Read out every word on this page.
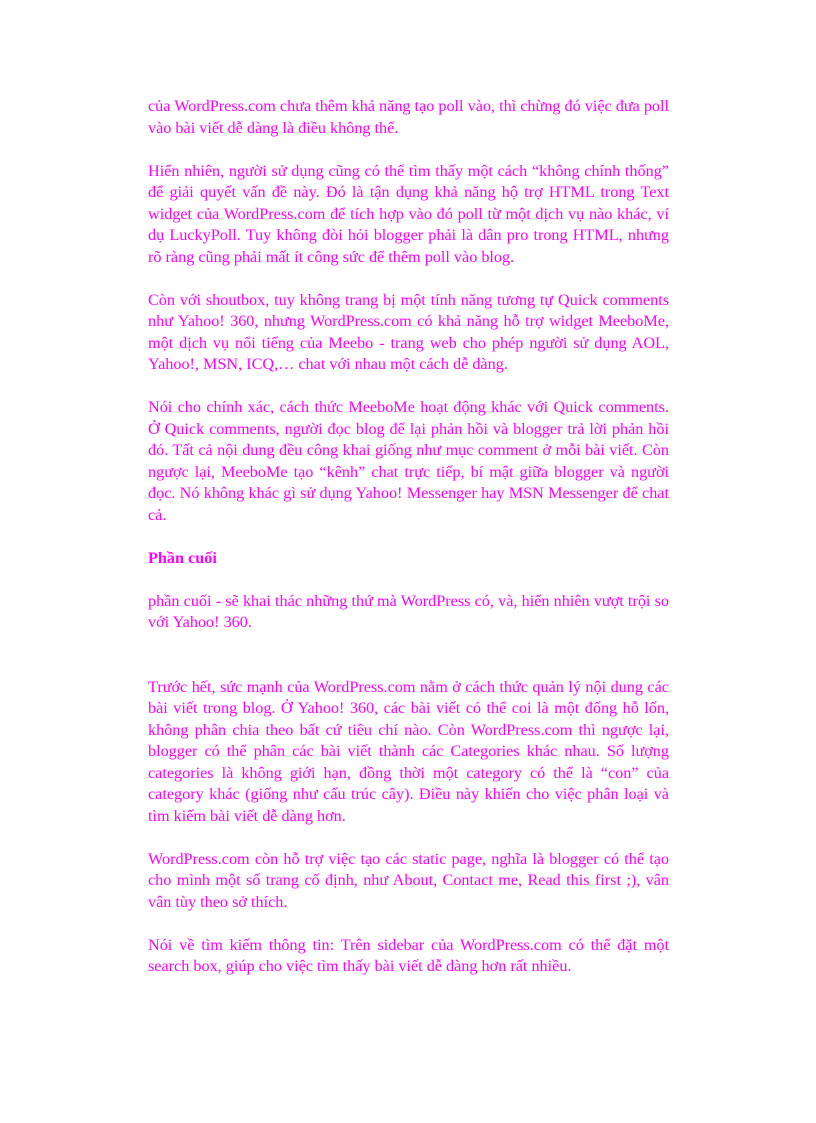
của WordPress.com chưa thêm khả năng tạo poll vào, thì chừng đó việc đưa poll vào bài viết dễ dàng là điều không thể.

Hiển nhiên, người sử dụng cũng có thể tìm thấy một cách “không chính thống” để giải quyết vấn đề này. Đó là tận dụng khả năng hộ trợ HTML trong Text widget của WordPress.com để tích hợp vào đó poll từ một dịch vụ nào khác, ví dụ LuckyPoll. Tuy không đòi hỏi blogger phải là dân pro trong HTML, nhưng rõ ràng cũng phải mất ít công sức để thêm poll vào blog.

Còn với shoutbox, tuy không trang bị một tính năng tương tự Quick comments như Yahoo! 360, nhưng WordPress.com có khả năng hỗ trợ widget MeeboMe, một dịch vụ nổi tiếng của Meebo - trang web cho phép người sử dụng AOL, Yahoo!, MSN, ICQ,… chat với nhau một cách dễ dàng.

Nói cho chính xác, cách thức MeeboMe hoạt động khác với Quick comments. Ở Quick comments, người đọc blog để lại phản hồi và blogger trả lời phản hồi đó. Tất cả nội dung đều công khai giống như mục comment ở mỗi bài viết. Còn ngược lại, MeeboMe tạo “kênh” chat trực tiếp, bí mật giữa blogger và người đọc. Nó không khác gì sử dụng Yahoo! Messenger hay MSN Messenger để chat cả.

Phần cuối

phần cuối - sẽ khai thác những thứ mà WordPress có, và, hiển nhiên vượt trội so với Yahoo! 360.

Trước hết, sức mạnh của WordPress.com nằm ở cách thức quản lý nội dung các bài viết trong blog. Ở Yahoo! 360, các bài viết có thể coi là một đống hỗ lốn, không phân chia theo bất cứ tiêu chí nào. Còn WordPress.com thì ngược lại, blogger có thể phân các bài viết thành các Categories khác nhau. Số lượng categories là không giới hạn, đồng thời một category có thể là “con” của category khác (giống như cấu trúc cây). Điều này khiến cho việc phân loại và tìm kiếm bài viết dễ dàng hơn.

WordPress.com còn hỗ trợ việc tạo các static page, nghĩa là blogger có thể tạo cho mình một số trang cố định, như About, Contact me, Read this first ;), vân vân tùy theo sở thích.

Nói về tìm kiếm thông tin: Trên sidebar của WordPress.com có thể đặt một search box, giúp cho việc tìm thấy bài viết dễ dàng hơn rất nhiều.
